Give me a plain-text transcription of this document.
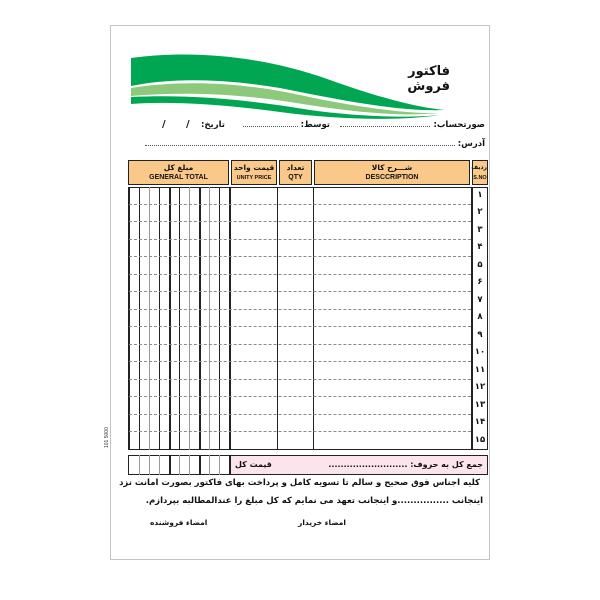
فاکتور فروش
صورتحساب:
توسط:
تاریخ:
/ /
آدرس:
مبلغ کل
GENERAL TOTAL
قیمت واحد
UNITY PRICE
تعداد
QTY
شـــرح کالا
DESCCRIPTION
ردیف
S.NO
۱
۲
۳
۴
۵
۶
۷
۸
۹
۱۰
۱۱
۱۲
۱۳
۱۴
۱۵
جمع کل به حروف: ..........................
قیمت کل
101 5000
کلیه اجناس فوق صحیح و سالم تا تسویه کامل و پرداخت بهای فاکتور بصورت امانت نزد
اینجانب ................و اینجانب تعهد می نمایم که کل مبلغ را عندالمطالبه بپردازم.
امضاء خریدار
امضاء فروشنده
